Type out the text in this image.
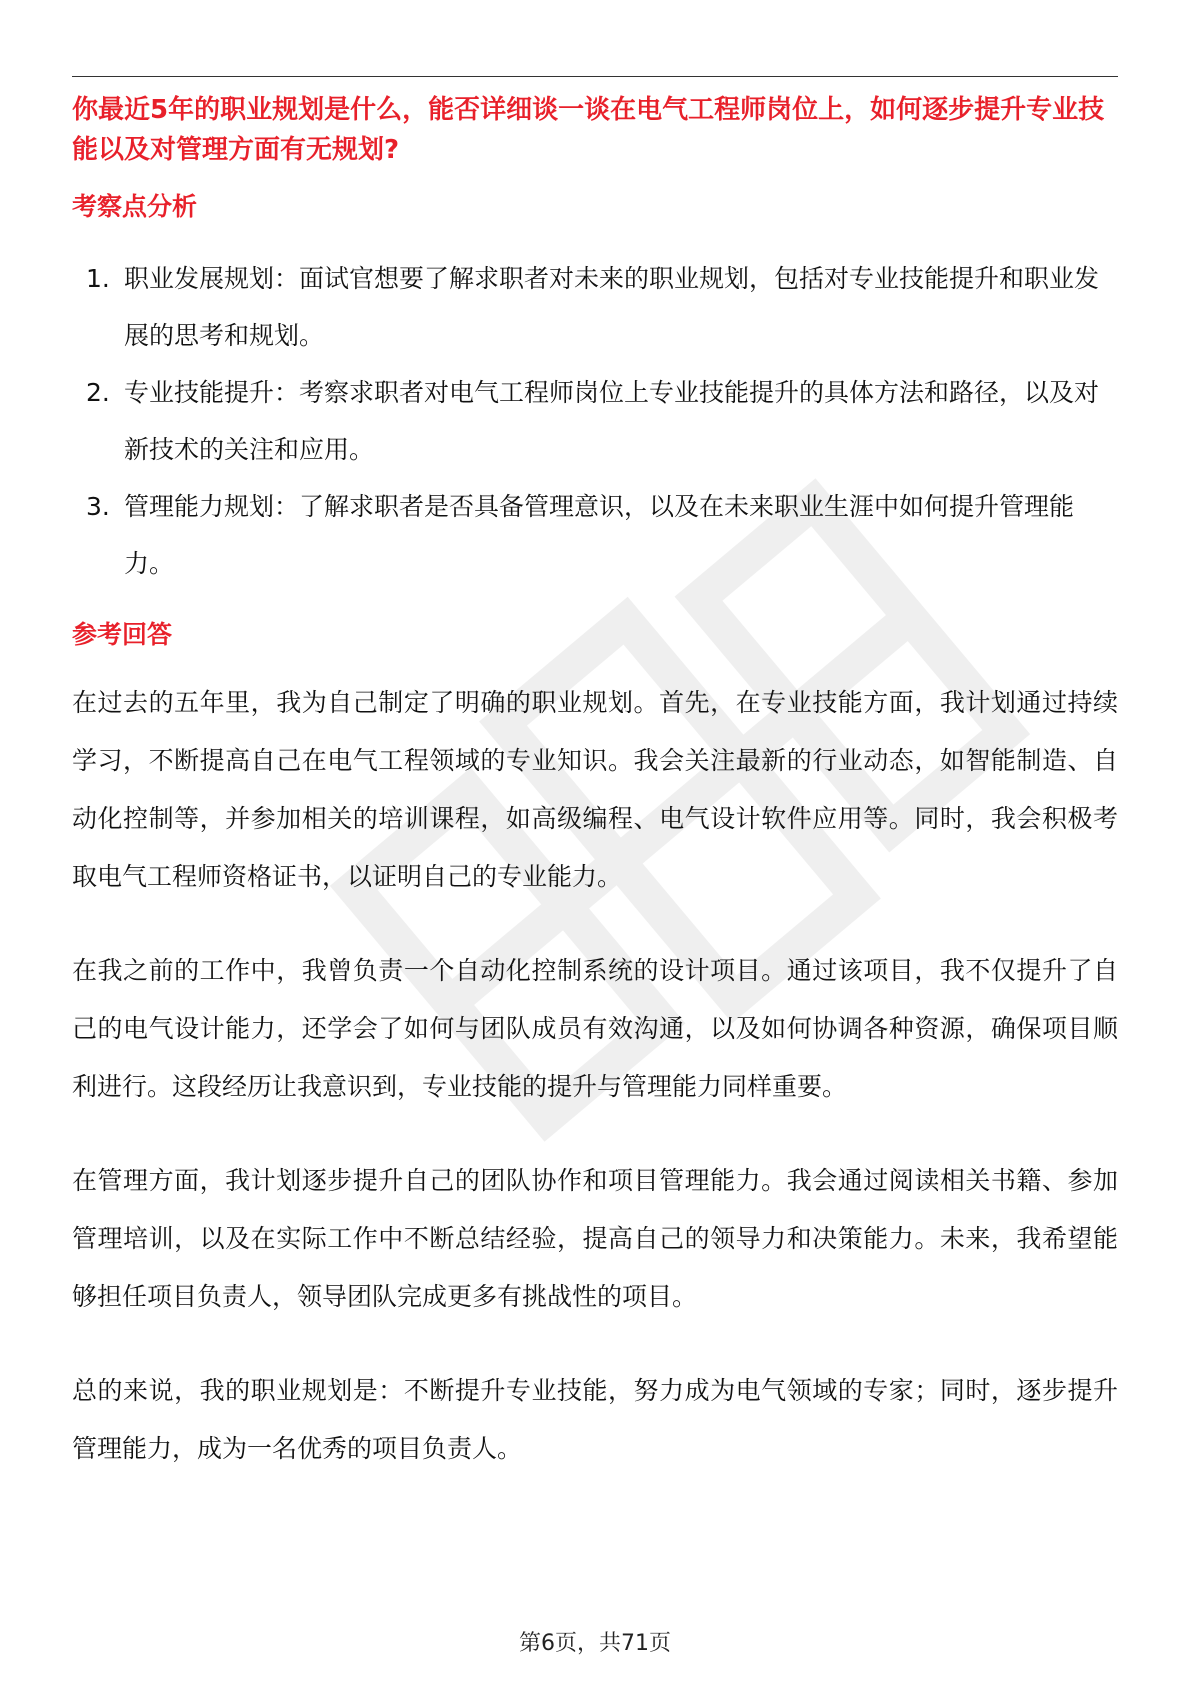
你最近5年的职业规划是什么，能否详细谈一谈在电气工程师岗位上，如何逐步提升专业技能以及对管理方面有无规划?

考察点分析
1. 职业发展规划：面试官想要了解求职者对未来的职业规划，包括对专业技能提升和职业发展的思考和规划。
2. 专业技能提升：考察求职者对电气工程师岗位上专业技能提升的具体方法和路径，以及对新技术的关注和应用。
3. 管理能力规划：了解求职者是否具备管理意识，以及在未来职业生涯中如何提升管理能力。
参考回答

在过去的五年里，我为自己制定了明确的职业规划。首先，在专业技能方面，我计划通过持续学习，不断提高自己在电气工程领域的专业知识。我会关注最新的行业动态，如智能制造、自动化控制等，并参加相关的培训课程，如高级编程、电气设计软件应用等。同时，我会积极考取电气工程师资格证书，以证明自己的专业能力。

在我之前的工作中，我曾负责一个自动化控制系统的设计项目。通过该项目，我不仅提升了自己的电气设计能力，还学会了如何与团队成员有效沟通，以及如何协调各种资源，确保项目顺利进行。这段经历让我意识到，专业技能的提升与管理能力同样重要。

在管理方面，我计划逐步提升自己的团队协作和项目管理能力。我会通过阅读相关书籍、参加管理培训，以及在实际工作中不断总结经验，提高自己的领导力和决策能力。未来，我希望能够担任项目负责人，领导团队完成更多有挑战性的项目。

总的来说，我的职业规划是：不断提升专业技能，努力成为电气领域的专家；同时，逐步提升管理能力，成为一名优秀的项目负责人。

第6页，共71页
